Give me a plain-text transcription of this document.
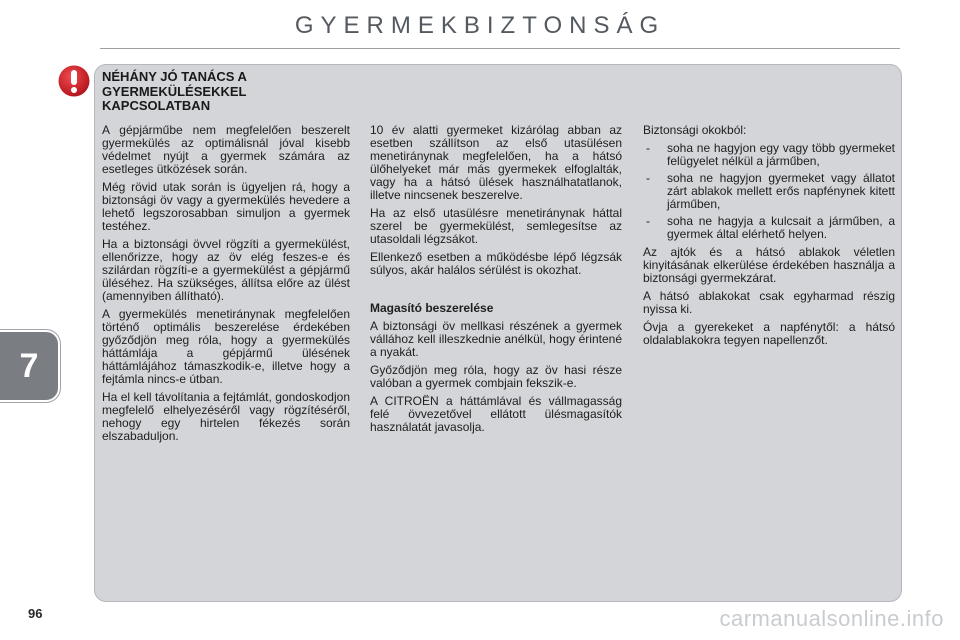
GYERMEKBIZTONSÁG
NÉHÁNY JÓ TANÁCS A
GYERMEKÜLÉSEKKEL
KAPCSOLATBAN

A gépjárműbe nem megfelelően beszerelt gyermekülés az optimálisnál jóval kisebb védelmet nyújt a gyermek számára az esetleges ütközések során.

Még rövid utak során is ügyeljen rá, hogy a biztonsági öv vagy a gyermekülés hevedere a lehető legszorosabban simuljon a gyermek testéhez.

Ha a biztonsági övvel rögzíti a gyermekülést, ellenőrizze, hogy az öv elég feszes-e és szilárdan rögzíti-e a gyermekülést a gépjármű üléséhez. Ha szükséges, állítsa előre az ülést (amennyiben állítható).

A gyermekülés menetiránynak megfelelően történő optimális beszerelése érdekében győződjön meg róla, hogy a gyermekülés háttámlája a gépjármű ülésének háttámlájához támaszkodik-e, illetve hogy a fejtámla nincs-e útban.

Ha el kell távolítania a fejtámlát, gondoskodjon megfelelő elhelyezéséről vagy rögzítéséről, nehogy egy hirtelen fékezés során elszabaduljon.

10 év alatti gyermeket kizárólag abban az esetben szállítson az első utasülésen menetiránynak megfelelően, ha a hátsó ülőhelyeket már más gyermekek elfoglalták, vagy ha a hátsó ülések használhatatlanok, illetve nincsenek beszerelve.

Ha az első utasülésre menetiránynak háttal szerel be gyermekülést, semlegesítse az utasoldali légzsákot.

Ellenkező esetben a működésbe lépő légzsák súlyos, akár halálos sérülést is okozhat.

Magasító beszerelése

A biztonsági öv mellkasi részének a gyermek vállához kell illeszkednie anélkül, hogy érintené a nyakát.

Győződjön meg róla, hogy az öv hasi része valóban a gyermek combjain fekszik-e.

A CITROËN a háttámlával és vállmagasság felé övvezetővel ellátott ülésmagasítók használatát javasolja.

Biztonsági okokból:

- soha ne hagyjon egy vagy több gyermeket felügyelet nélkül a járműben,
- soha ne hagyjon gyermeket vagy állatot zárt ablakok mellett erős napfénynek kitett járműben,
- soha ne hagyja a kulcsait a járműben, a gyermek által elérhető helyen.

Az ajtók és a hátsó ablakok véletlen kinyitásának elkerülése érdekében használja a biztonsági gyermekzárat.

A hátsó ablakokat csak egyharmad részig nyissa ki.

Óvja a gyerekeket a napfénytől: a hátsó oldalablakokra tegyen napellenzőt.

7
96	carmanualsonline.info
